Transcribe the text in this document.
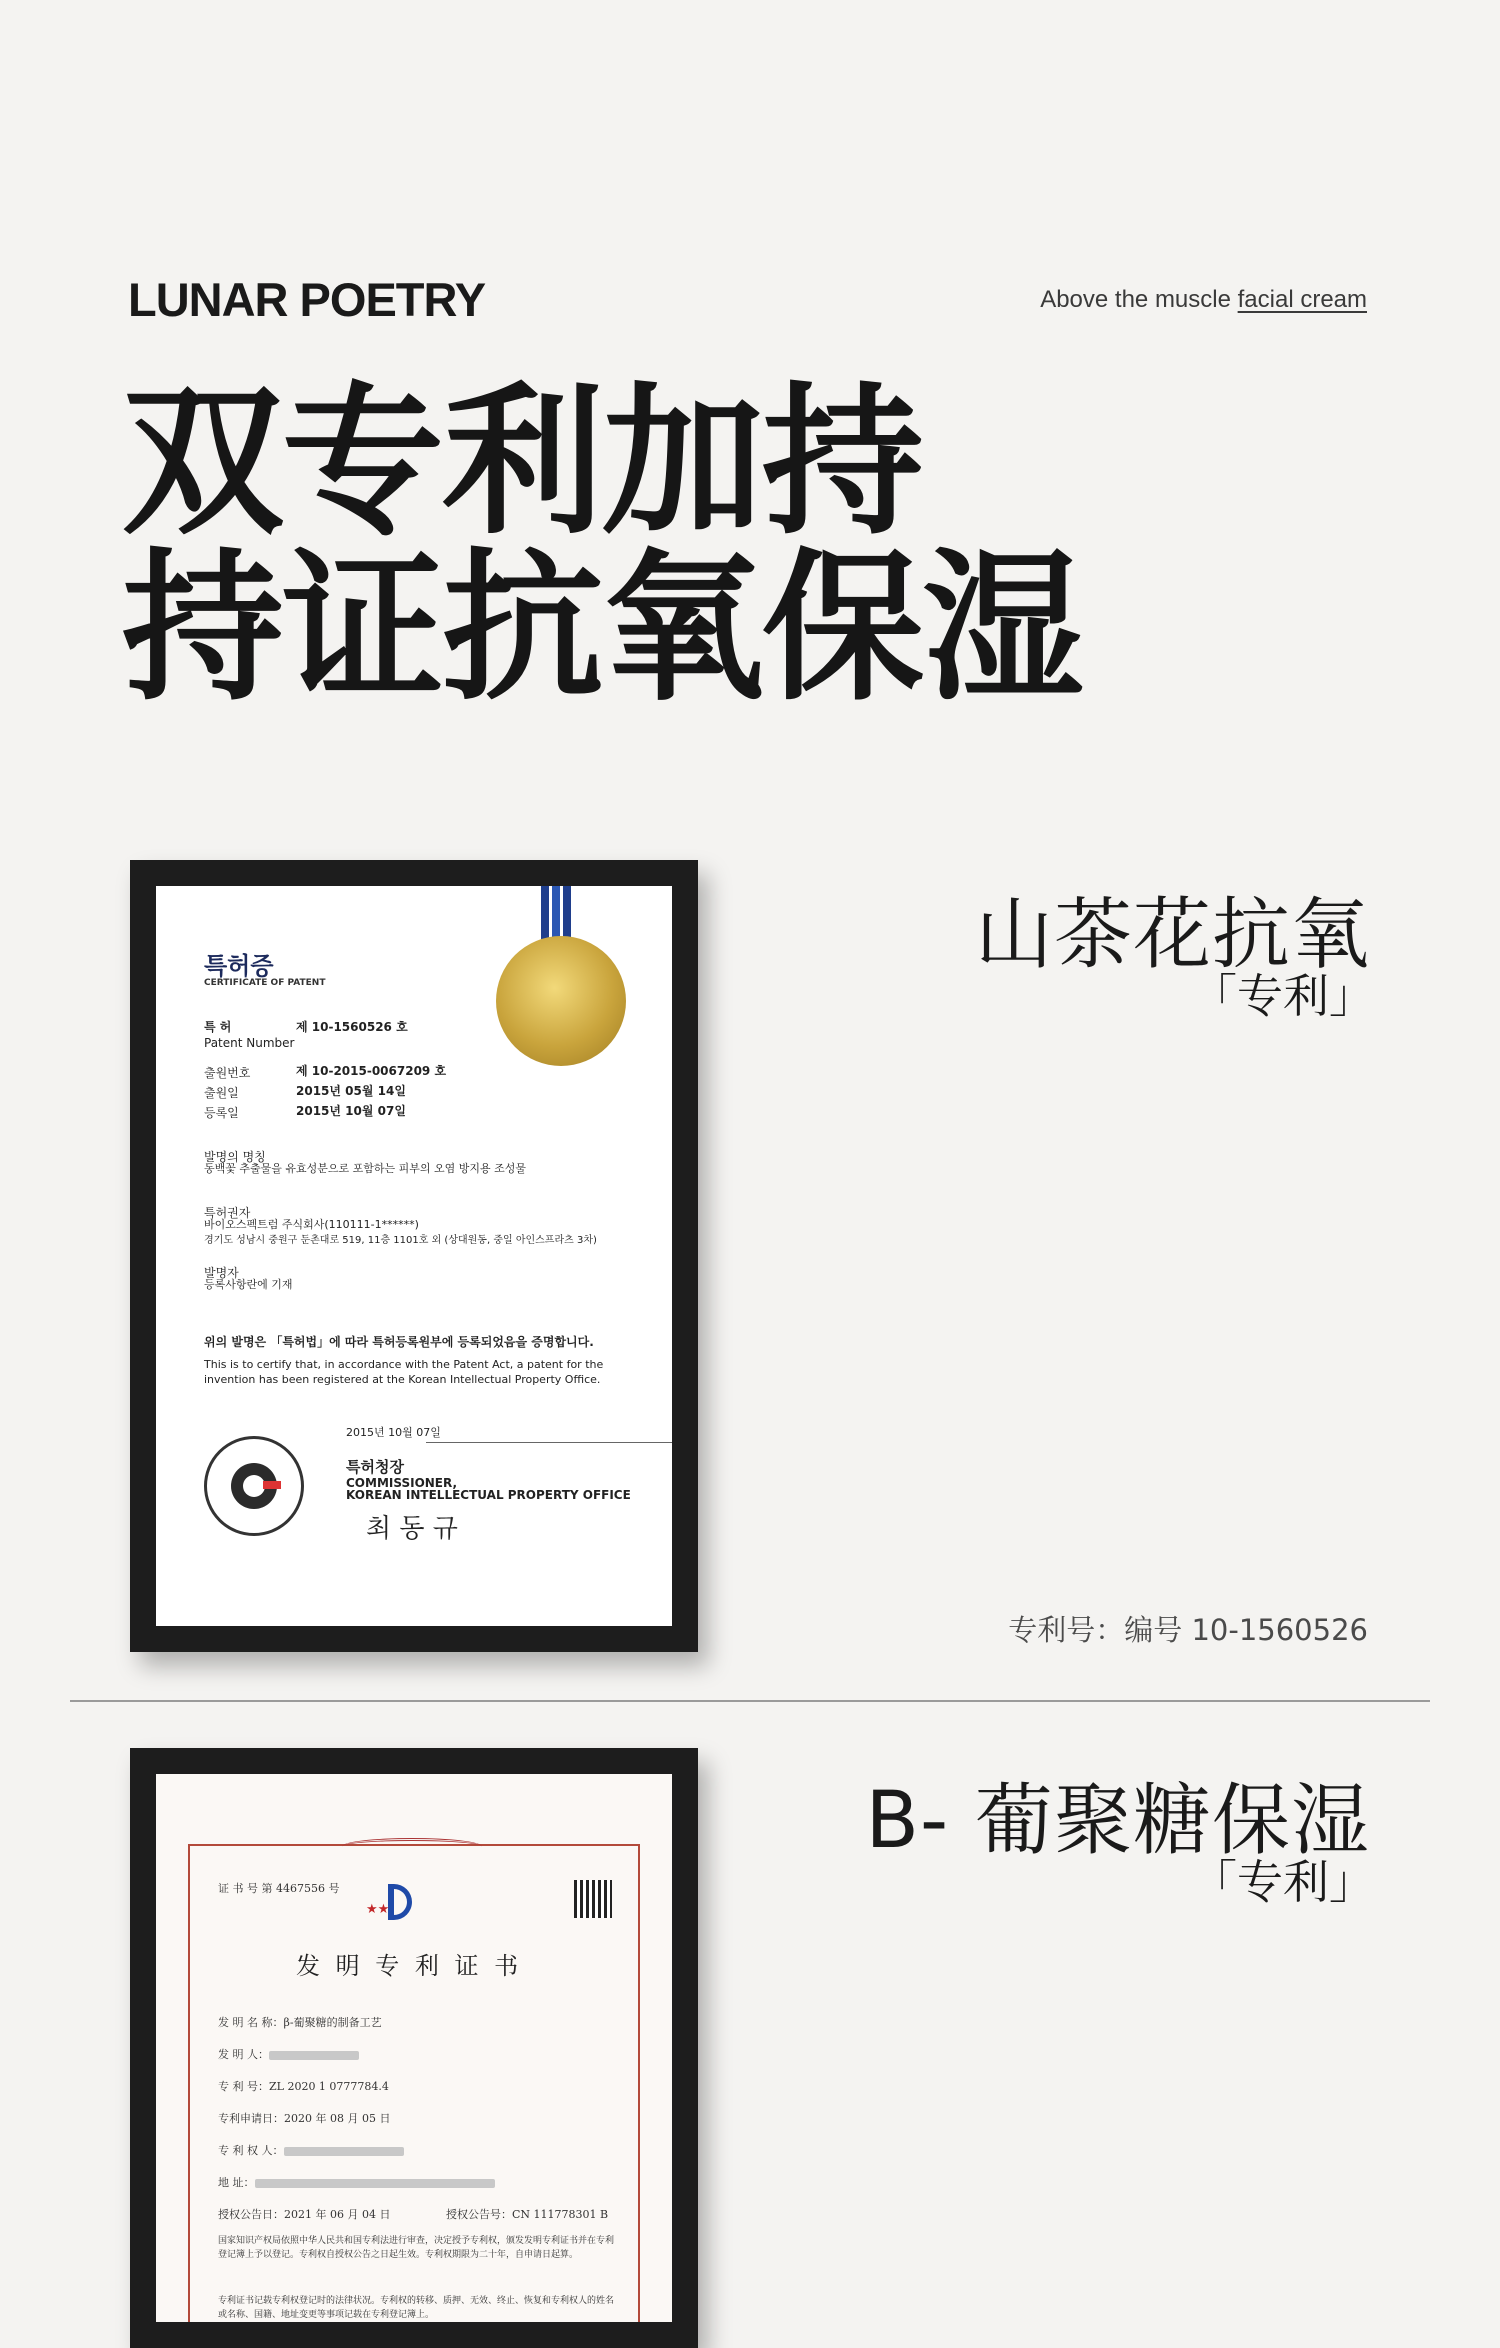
LUNAR POETRY	Above the muscle facial cream
双专利加持
持证抗氧保湿
특허증
CERTIFICATE OF PATENT
특 허
Patent Number
제 10-1560526 호
출원번호	제 10-2015-0067209 호
출원일	2015년 05월 14일
등록일	2015년 10월 07일
발명의 명칭
동백꽃 추출물을 유효성분으로 포함하는 피부의 오염 방지용 조성물
특허권자
바이오스펙트럼 주식회사(110111-1******)
경기도 성남시 중원구 둔촌대로 519, 11층 1101호 외 (상대원동, 중일 아인스프라츠 3차)
발명자
등록사항란에 기재
위의 발명은 「특허법」에 따라 특허등록원부에 등록되었음을 증명합니다.
This is to certify that, in accordance with the Patent Act, a patent for the invention has been registered at the Korean Intellectual Property Office.
2015년 10월 07일
특허청장
COMMISSIONER,
KOREAN INTELLECTUAL PROPERTY OFFICE
최 동 규
山茶花抗氧
「专利」
专利号：编号 10-1560526
证 书 号 第 4467556 号
★★
发 明 专 利 证 书
发 明 名 称：β-葡聚糖的制备工艺
发 明 人：
专 利 号：ZL 2020 1 0777784.4
专利申请日：2020 年 08 月 05 日
专 利 权 人：
地 址：
授权公告日：2021 年 06 月 04 日	授权公告号：CN 111778301 B
国家知识产权局依照中华人民共和国专利法进行审查，决定授予专利权，颁发发明专利证书并在专利登记簿上予以登记。专利权自授权公告之日起生效。专利权期限为二十年，自申请日起算。
专利证书记载专利权登记时的法律状况。专利权的转移、质押、无效、终止、恢复和专利权人的姓名或名称、国籍、地址变更等事项记载在专利登记簿上。
B- 葡聚糖保湿
「专利」
